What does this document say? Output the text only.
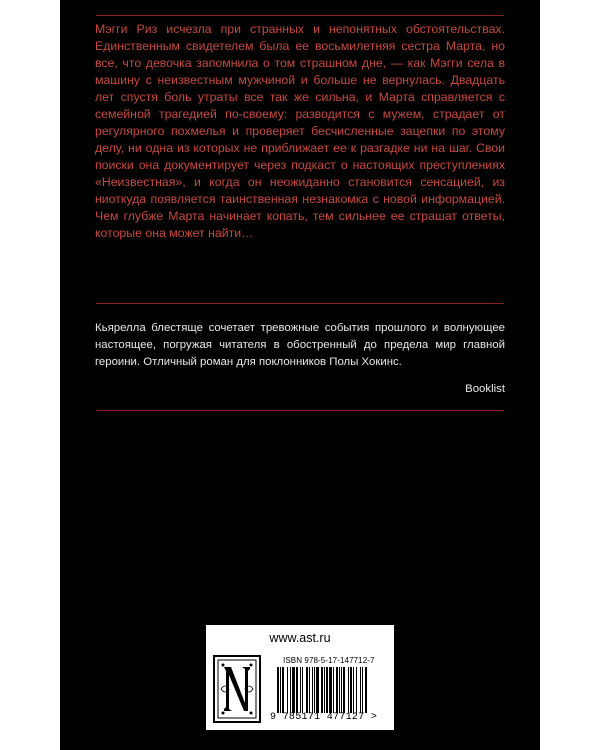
Мэгги Риз исчезла при странных и непонятных обстоятельствах. Единственным свидетелем была ее восьмилетняя сестра Марта, но все, что девочка запомнила о том страшном дне, — как Мэгги села в машину с неизвестным мужчиной и больше не вернулась. Двадцать лет спустя боль утраты все так же сильна, и Марта справляется с семейной трагедией по-своему: разводится с мужем, страдает от регулярного похмелья и проверяет бесчисленные зацепки по этому делу, ни одна из которых не приближает ее к разгадке ни на шаг. Свои поиски она документирует через подкаст о настоящих преступлениях «Неизвестная», и когда он неожиданно становится сенсацией, из ниоткуда появляется таинственная незнакомка с новой информацией. Чем глубже Марта начинает копать, тем сильнее ее страшат ответы, которые она может найти…

Кьярелла блестяще сочетает тревожные события прошлого и волнующее настоящее, погружая читателя в обостренный до предела мир главной героини. Отличный роман для поклонников Полы Хокинс.

Booklist
www.ast.ru
ISBN 978-5-17-147712-7
9 785171 477127 >
